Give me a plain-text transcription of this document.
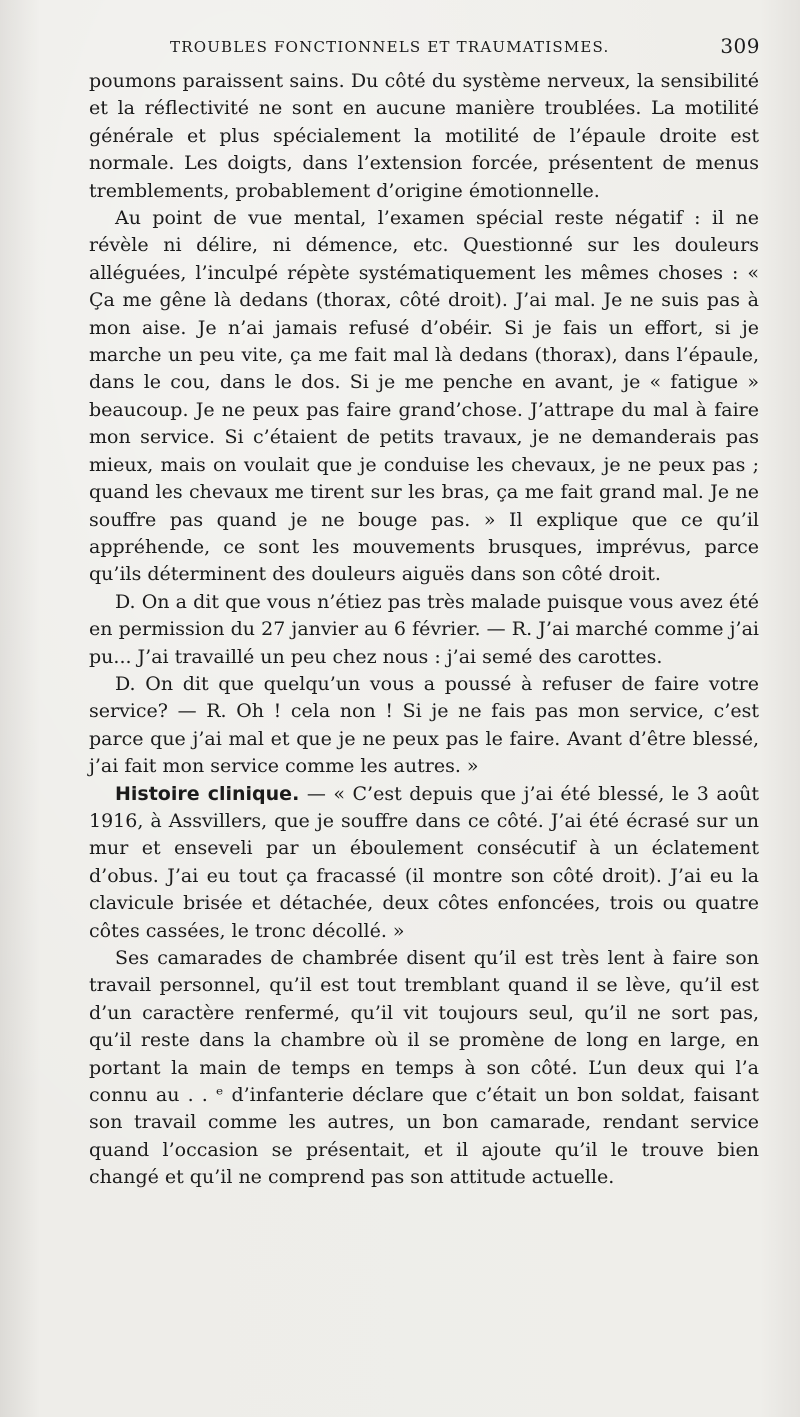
TROUBLES FONCTIONNELS ET TRAUMATISMES.	309

poumons paraissent sains. Du côté du système nerveux, la sensibilité et la réflectivité ne sont en aucune manière troublées. La motilité générale et plus spécialement la motilité de l’épaule droite est normale. Les doigts, dans l’extension forcée, présentent de menus tremblements, probablement d’origine émotionnelle.

Au point de vue mental, l’examen spécial reste négatif : il ne révèle ni délire, ni démence, etc. Questionné sur les douleurs alléguées, l’inculpé répète systématiquement les mêmes choses : « Ça me gêne là dedans (thorax, côté droit). J’ai mal. Je ne suis pas à mon aise. Je n’ai jamais refusé d’obéir. Si je fais un effort, si je marche un peu vite, ça me fait mal là dedans (thorax), dans l’épaule, dans le cou, dans le dos. Si je me penche en avant, je « fatigue » beaucoup. Je ne peux pas faire grand’chose. J’attrape du mal à faire mon service. Si c’étaient de petits travaux, je ne demanderais pas mieux, mais on voulait que je conduise les chevaux, je ne peux pas ; quand les chevaux me tirent sur les bras, ça me fait grand mal. Je ne souffre pas quand je ne bouge pas. » Il explique que ce qu’il appréhende, ce sont les mouvements brusques, imprévus, parce qu’ils déterminent des douleurs aiguës dans son côté droit.

D. On a dit que vous n’étiez pas très malade puisque vous avez été en permission du 27 janvier au 6 février. — R. J’ai marché comme j’ai pu... J’ai travaillé un peu chez nous : j’ai semé des carottes.

D. On dit que quelqu’un vous a poussé à refuser de faire votre service? — R. Oh ! cela non ! Si je ne fais pas mon service, c’est parce que j’ai mal et que je ne peux pas le faire. Avant d’être blessé, j’ai fait mon service comme les autres. »

Histoire clinique. — « C’est depuis que j’ai été blessé, le 3 août 1916, à Assvillers, que je souffre dans ce côté. J’ai été écrasé sur un mur et enseveli par un éboulement consécutif à un éclatement d’obus. J’ai eu tout ça fracassé (il montre son côté droit). J’ai eu la clavicule brisée et détachée, deux côtes enfoncées, trois ou quatre côtes cassées, le tronc décollé. »

Ses camarades de chambrée disent qu’il est très lent à faire son travail personnel, qu’il est tout tremblant quand il se lève, qu’il est d’un caractère renfermé, qu’il vit toujours seul, qu’il ne sort pas, qu’il reste dans la chambre où il se promène de long en large, en portant la main de temps en temps à son côté. L’un deux qui l’a connu au . . ᵉ d’infanterie déclare que c’était un bon soldat, faisant son travail comme les autres, un bon camarade, rendant service quand l’occasion se présentait, et il ajoute qu’il le trouve bien changé et qu’il ne comprend pas son attitude actuelle.
